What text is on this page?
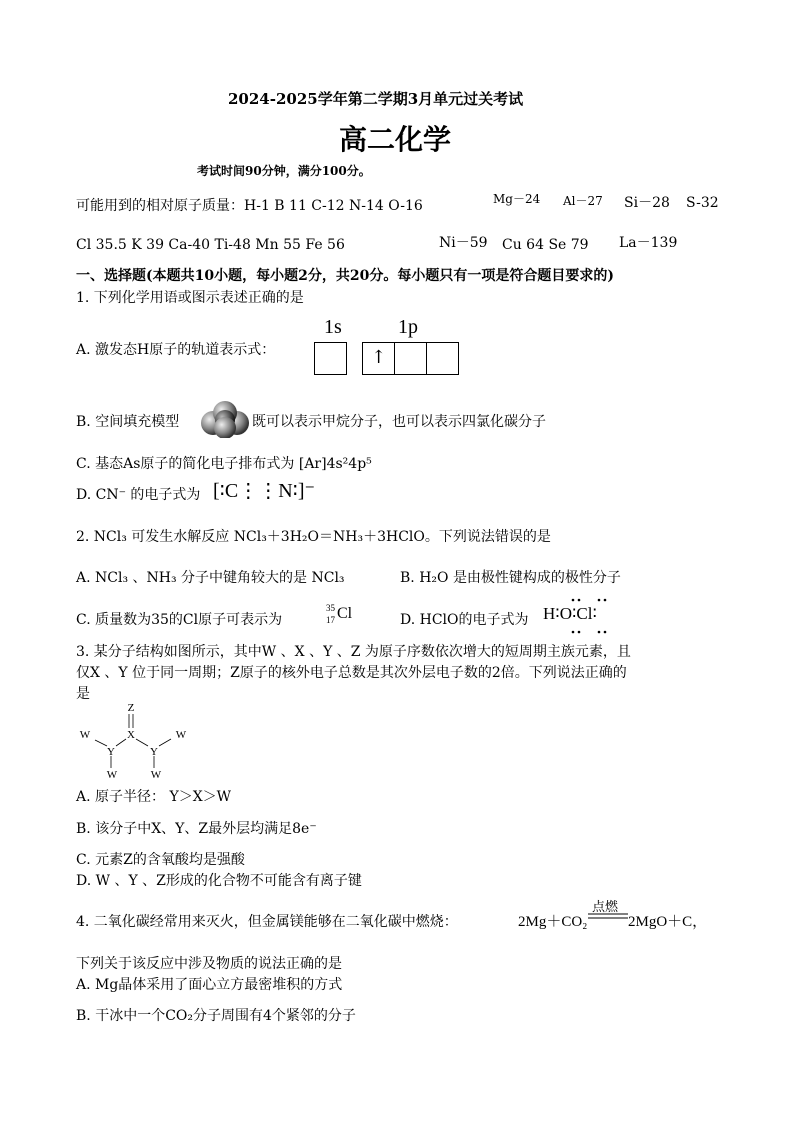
2024-2025学年第二学期3月单元过关考试
高二化学
考试时间90分钟，满分100分。
可能用到的相对原子质量：H-1 B 11 C-12 N-14 O-16	Mg－24 Al－27 Si－28 S-32
Cl 35.5 K 39 Ca-40 Ti-48 Mn 55 Fe 56	Ni－59 Cu 64 Se 79 La－139
一、选择题(本题共10小题，每小题2分，共20分。每小题只有一项是符合题目要求的)
1. 下列化学用语或图示表述正确的是
1s	1p
A. 激发态H原子的轨道表示式：	↑
B. 空间填充模型	既可以表示甲烷分子，也可以表示四氯化碳分子
C. 基态As原子的简化电子排布式为 [Ar]4s²4p⁵
D. CN⁻ 的电子式为 [∶C⋮⋮N∶]⁻
2. NCl₃ 可发生水解反应 NCl₃＋3H₂O＝NH₃＋3HClO。下列说法错误的是
A. NCl₃ 、NH₃ 分子中键角较大的是 NCl₃	B. H₂O 是由极性键构成的极性分子
C. 质量数为35的Cl原子可表示为
35
17 Cl	D. HClO的电子式为 H∶O∶Cl∶
3. 某分子结构如图所示，其中W 、X 、Y 、Z 为原子序数依次增大的短周期主族元素，且
仅X 、Y 位于同一周期；Z原子的核外电子总数是其次外层电子数的2倍。下列说法正确的
是
Z
X
Y	Y
W	W
W	W
A. 原子半径： Y＞X＞W
B. 该分子中X、Y、Z最外层均满足8e⁻
C. 元素Z的含氧酸均是强酸
D. W 、Y 、Z形成的化合物不可能含有离子键
4. 二氧化碳经常用来灭火，但金属镁能够在二氧化碳中燃烧：	2Mg＋CO₂
点燃
2MgO＋C，
下列关于该反应中涉及物质的说法正确的是
A. Mg晶体采用了面心立方最密堆积的方式
B. 干冰中一个CO₂分子周围有4个紧邻的分子
